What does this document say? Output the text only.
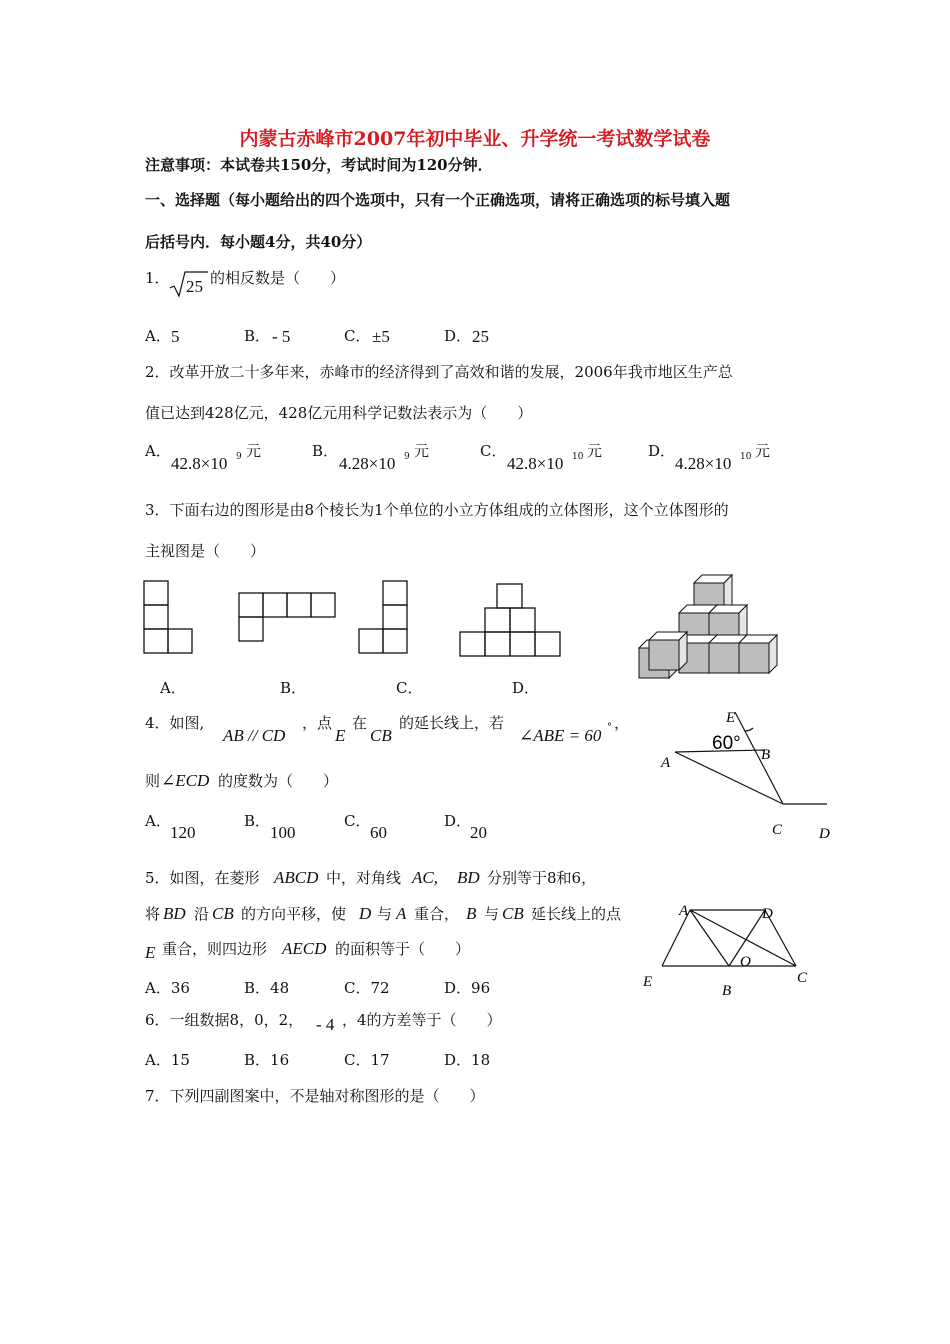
内蒙古赤峰市2007年初中毕业、升学统一考试数学试卷
注意事项：本试卷共150分，考试时间为120分钟．
一、选择题（每小题给出的四个选项中，只有一个正确选项，请将正确选项的标号填入题
后括号内．每小题4分，共40分）
1． 25 的相反数是（　　）
A． 5	B． - 5	C． ±5	D． 25
2．改革开放二十多年来，赤峰市的经济得到了高效和谐的发展，2006年我市地区生产总
值已达到428亿元，428亿元用科学记数法表示为（　　）
A．
42.8×10 9 元	B．
4.28×10 9 元	C．
42.8×10 10 元	D．
4.28×10 10 元
3．下面右边的图形是由8个棱长为1个单位的小立方体组成的立体图形，这个立体图形的
主视图是（　　）
A．	B．	C．	D．
4．如图,
AB // CD
，点
E
在
CB
的延长线上，若
∠ABE = 60 ° ，
则 ∠ECD 的度数为（　　）
A．
120
B．
100
C．
60
D．
20
E
60°
B
A
C D
5．如图，在菱形 ABCD 中，对角线 AC, BD 分别等于8和6，
将 BD 沿 CB 的方向平移，使 D 与 A 重合， B 与 CB 延长线上的点
E 重合，则四边形 AECD 的面积等于（　　）
A．36	B．48	C．72	D．96
A	D
O
E
B
C
6．一组数据8，0，2， - 4 ，4的方差等于（　　）
A．15	B．16	C．17	D．18
7．下列四副图案中，不是轴对称图形的是（　　）
